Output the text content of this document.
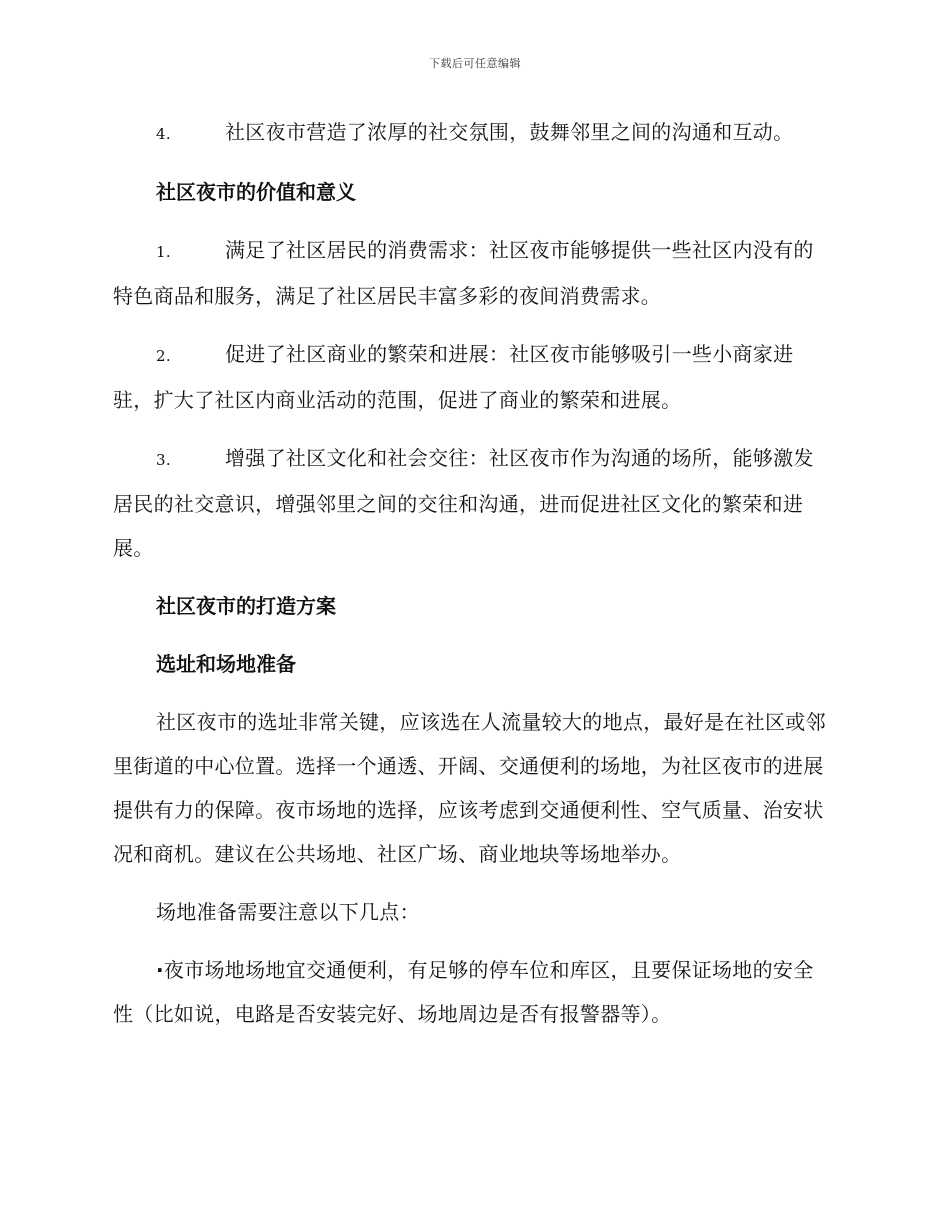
下载后可任意编辑

4.	社区夜市营造了浓厚的社交氛围，鼓舞邻里之间的沟通和互动。

社区夜市的价值和意义

1.	满足了社区居民的消费需求：社区夜市能够提供一些社区内没有的特色商品和服务，满足了社区居民丰富多彩的夜间消费需求。

2.	促进了社区商业的繁荣和进展：社区夜市能够吸引一些小商家进驻，扩大了社区内商业活动的范围，促进了商业的繁荣和进展。

3.	增强了社区文化和社会交往：社区夜市作为沟通的场所，能够激发居民的社交意识，增强邻里之间的交往和沟通，进而促进社区文化的繁荣和进展。

社区夜市的打造方案

选址和场地准备

社区夜市的选址非常关键，应该选在人流量较大的地点，最好是在社区或邻里街道的中心位置。选择一个通透、开阔、交通便利的场地，为社区夜市的进展提供有力的保障。夜市场地的选择，应该考虑到交通便利性、空气质量、治安状况和商机。建议在公共场地、社区广场、商业地块等场地举办。

场地准备需要注意以下几点：

·夜市场地场地宜交通便利，有足够的停车位和库区，且要保证场地的安全性（比如说，电路是否安装完好、场地周边是否有报警器等）。
